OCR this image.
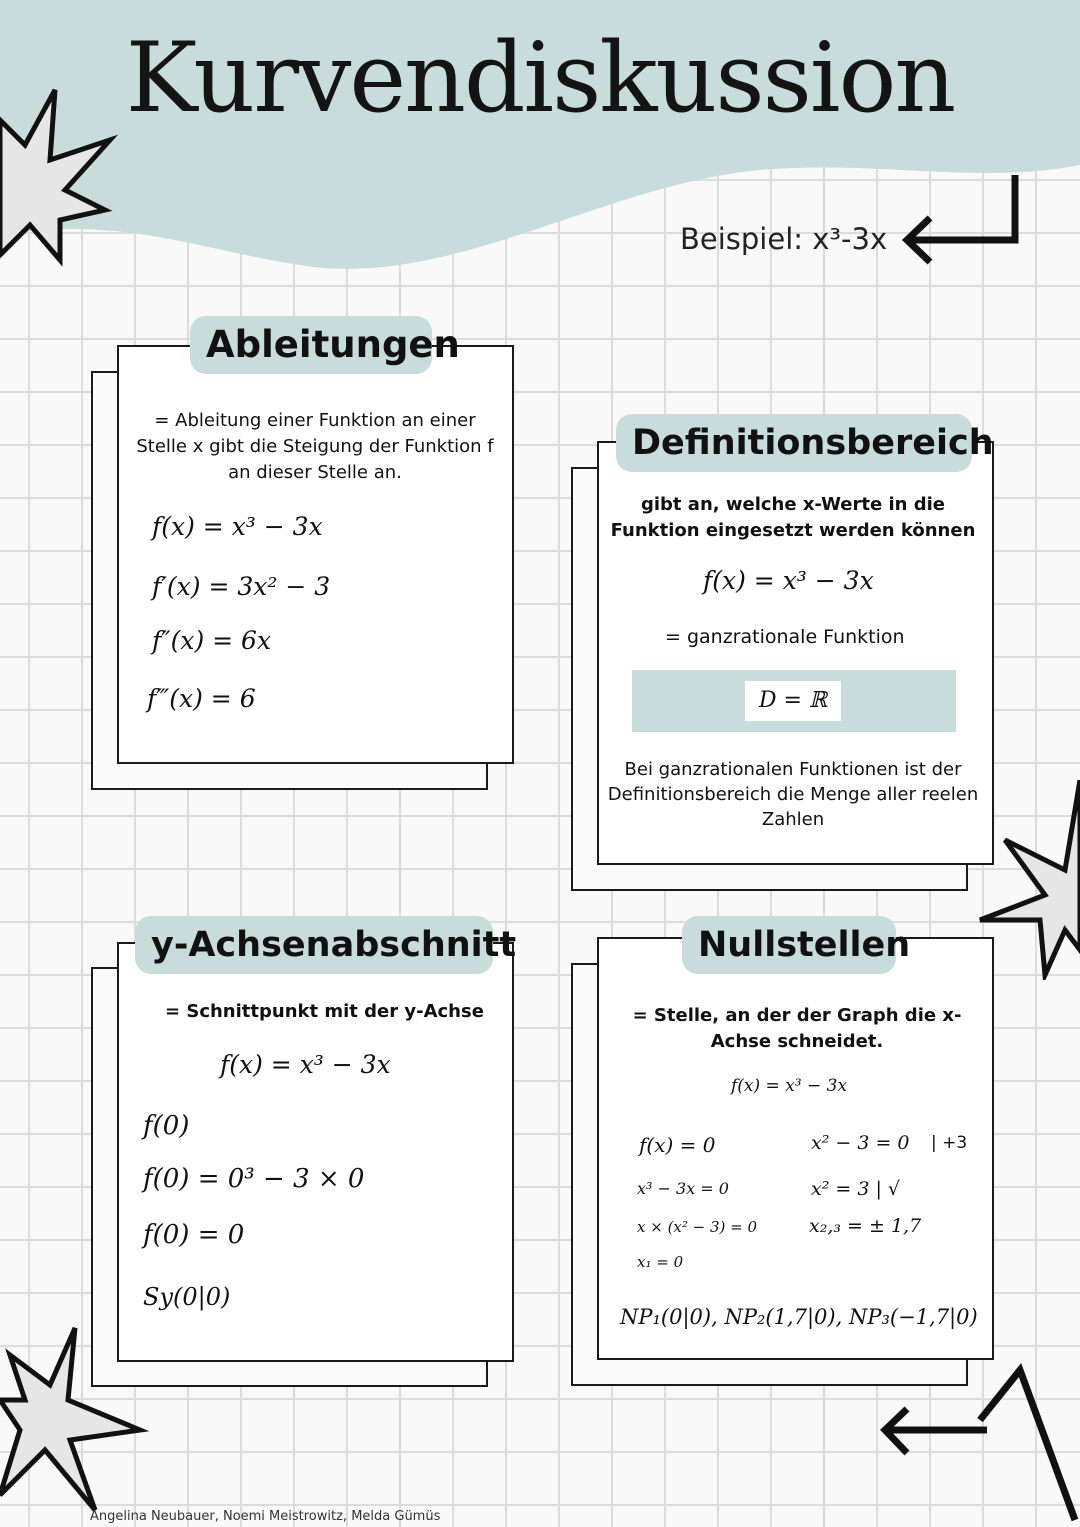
Kurvendiskussion
Beispiel: x³-3x
Ableitungen
= Ableitung einer Funktion an einer
Stelle x gibt die Steigung der Funktion f
an dieser Stelle an.
f(x) = x³ − 3x
f′(x) = 3x² − 3
f″(x) = 6x
f‴(x) = 6
Definitionsbereich
gibt an, welche x-Werte in die
Funktion eingesetzt werden können
f(x) = x³ − 3x
= ganzrationale Funktion
D = ℝ
Bei ganzrationalen Funktionen ist der
Definitionsbereich die Menge aller reelen
Zahlen
y-Achsenabschnitt
= Schnittpunkt mit der y-Achse
f(x) = x³ − 3x
f(0)
f(0) = 0³ − 3 × 0
f(0) = 0
Sy(0|0)
Nullstellen
= Stelle, an der der Graph die x-
Achse schneidet.
f(x) = x³ − 3x
f(x) = 0
x³ − 3x = 0
x × (x² − 3) = 0
x₁ = 0
x² − 3 = 0 | +3
x² = 3 | √
x₂,₃ = ± 1,7
NP₁(0|0), NP₂(1,7|0), NP₃(−1,7|0)
Angelina Neubauer, Noemi Meistrowitz, Melda Gümüs
